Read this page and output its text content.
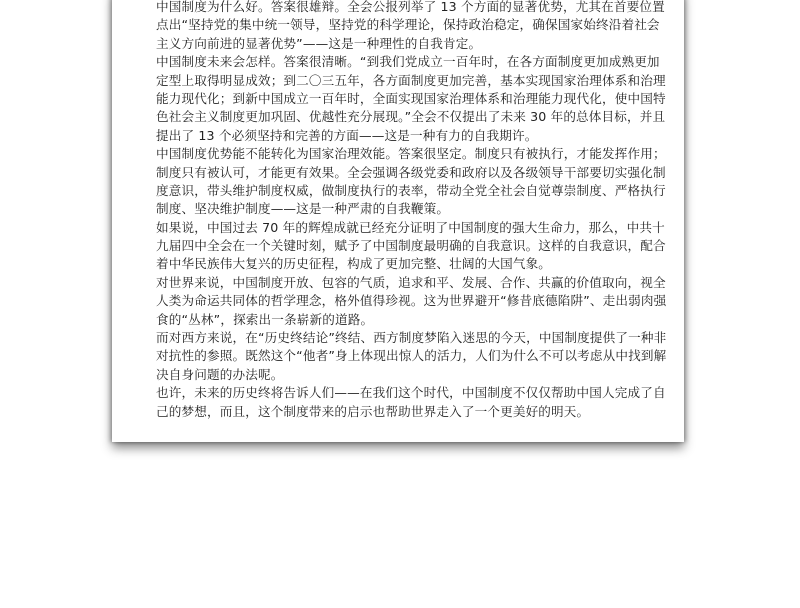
中国制度为什么好。答案很雄辩。全会公报列举了 13 个方面的显著优势，尤其在首要位置
点出“坚持党的集中统一领导，坚持党的科学理论，保持政治稳定，确保国家始终沿着社会
主义方向前进的显著优势”——这是一种理性的自我肯定。
中国制度未来会怎样。答案很清晰。“到我们党成立一百年时，在各方面制度更加成熟更加
定型上取得明显成效；到二〇三五年，各方面制度更加完善，基本实现国家治理体系和治理
能力现代化；到新中国成立一百年时，全面实现国家治理体系和治理能力现代化，使中国特
色社会主义制度更加巩固、优越性充分展现。”全会不仅提出了未来 30 年的总体目标，并且
提出了 13 个必须坚持和完善的方面——这是一种有力的自我期许。
中国制度优势能不能转化为国家治理效能。答案很坚定。制度只有被执行，才能发挥作用；
制度只有被认可，才能更有效果。全会强调各级党委和政府以及各级领导干部要切实强化制
度意识，带头维护制度权威，做制度执行的表率，带动全党全社会自觉尊崇制度、严格执行
制度、坚决维护制度——这是一种严肃的自我鞭策。
如果说，中国过去 70 年的辉煌成就已经充分证明了中国制度的强大生命力，那么，中共十
九届四中全会在一个关键时刻，赋予了中国制度最明确的自我意识。这样的自我意识，配合
着中华民族伟大复兴的历史征程，构成了更加完整、壮阔的大国气象。
对世界来说，中国制度开放、包容的气质，追求和平、发展、合作、共赢的价值取向，视全
人类为命运共同体的哲学理念，格外值得珍视。这为世界避开“修昔底德陷阱”、走出弱肉强
食的“丛林”，探索出一条崭新的道路。
而对西方来说，在“历史终结论”终结、西方制度梦陷入迷思的今天，中国制度提供了一种非
对抗性的参照。既然这个“他者”身上体现出惊人的活力，人们为什么不可以考虑从中找到解
决自身问题的办法呢。
也许，未来的历史终将告诉人们——在我们这个时代，中国制度不仅仅帮助中国人完成了自
己的梦想，而且，这个制度带来的启示也帮助世界走入了一个更美好的明天。
